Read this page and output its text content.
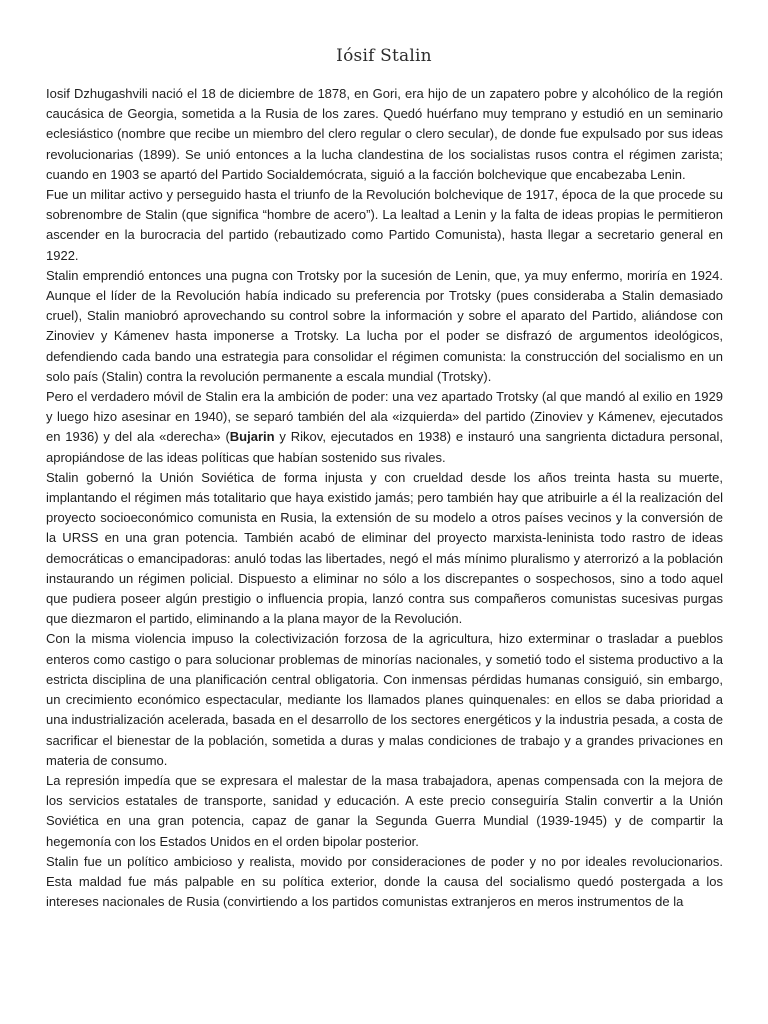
Iósif Stalin

Iosif Dzhugashvili nació el 18 de diciembre de 1878, en Gori, era hijo de un zapatero pobre y alcohólico de la región caucásica de Georgia, sometida a la Rusia de los zares. Quedó huérfano muy temprano y estudió en un seminario eclesiástico (nombre que recibe un miembro del clero regular o clero secular), de donde fue expulsado por sus ideas revolucionarias (1899). Se unió entonces a la lucha clandestina de los socialistas rusos contra el régimen zarista; cuando en 1903 se apartó del Partido Socialdemócrata, siguió a la facción bolchevique que encabezaba Lenin.

Fue un militar activo y perseguido hasta el triunfo de la Revolución bolchevique de 1917, época de la que procede su sobrenombre de Stalin (que significa “hombre de acero”). La lealtad a Lenin y la falta de ideas propias le permitieron ascender en la burocracia del partido (rebautizado como Partido Comunista), hasta llegar a secretario general en 1922.

Stalin emprendió entonces una pugna con Trotsky por la sucesión de Lenin, que, ya muy enfermo, moriría en 1924. Aunque el líder de la Revolución había indicado su preferencia por Trotsky (pues consideraba a Stalin demasiado cruel), Stalin maniobró aprovechando su control sobre la información y sobre el aparato del Partido, aliándose con Zinoviev y Kámenev hasta imponerse a Trotsky. La lucha por el poder se disfrazó de argumentos ideológicos, defendiendo cada bando una estrategia para consolidar el régimen comunista: la construcción del socialismo en un solo país (Stalin) contra la revolución permanente a escala mundial (Trotsky).

Pero el verdadero móvil de Stalin era la ambición de poder: una vez apartado Trotsky (al que mandó al exilio en 1929 y luego hizo asesinar en 1940), se separó también del ala «izquierda» del partido (Zinoviev y Kámenev, ejecutados en 1936) y del ala «derecha» (Bujarin y Rikov, ejecutados en 1938) e instauró una sangrienta dictadura personal, apropiándose de las ideas políticas que habían sostenido sus rivales.

Stalin gobernó la Unión Soviética de forma injusta y con crueldad desde los años treinta hasta su muerte, implantando el régimen más totalitario que haya existido jamás; pero también hay que atribuirle a él la realización del proyecto socioeconómico comunista en Rusia, la extensión de su modelo a otros países vecinos y la conversión de la URSS en una gran potencia. También acabó de eliminar del proyecto marxista-leninista todo rastro de ideas democráticas o emancipadoras: anuló todas las libertades, negó el más mínimo pluralismo y aterrorizó a la población instaurando un régimen policial. Dispuesto a eliminar no sólo a los discrepantes o sospechosos, sino a todo aquel que pudiera poseer algún prestigio o influencia propia, lanzó contra sus compañeros comunistas sucesivas purgas que diezmaron el partido, eliminando a la plana mayor de la Revolución.

Con la misma violencia impuso la colectivización forzosa de la agricultura, hizo exterminar o trasladar a pueblos enteros como castigo o para solucionar problemas de minorías nacionales, y sometió todo el sistema productivo a la estricta disciplina de una planificación central obligatoria. Con inmensas pérdidas humanas consiguió, sin embargo, un crecimiento económico espectacular, mediante los llamados planes quinquenales: en ellos se daba prioridad a una industrialización acelerada, basada en el desarrollo de los sectores energéticos y la industria pesada, a costa de sacrificar el bienestar de la población, sometida a duras y malas condiciones de trabajo y a grandes privaciones en materia de consumo.

La represión impedía que se expresara el malestar de la masa trabajadora, apenas compensada con la mejora de los servicios estatales de transporte, sanidad y educación. A este precio conseguiría Stalin convertir a la Unión Soviética en una gran potencia, capaz de ganar la Segunda Guerra Mundial (1939-1945) y de compartir la hegemonía con los Estados Unidos en el orden bipolar posterior.

Stalin fue un político ambicioso y realista, movido por consideraciones de poder y no por ideales revolucionarios. Esta maldad fue más palpable en su política exterior, donde la causa del socialismo quedó postergada a los intereses nacionales de Rusia (convirtiendo a los partidos comunistas extranjeros en meros instrumentos de la
